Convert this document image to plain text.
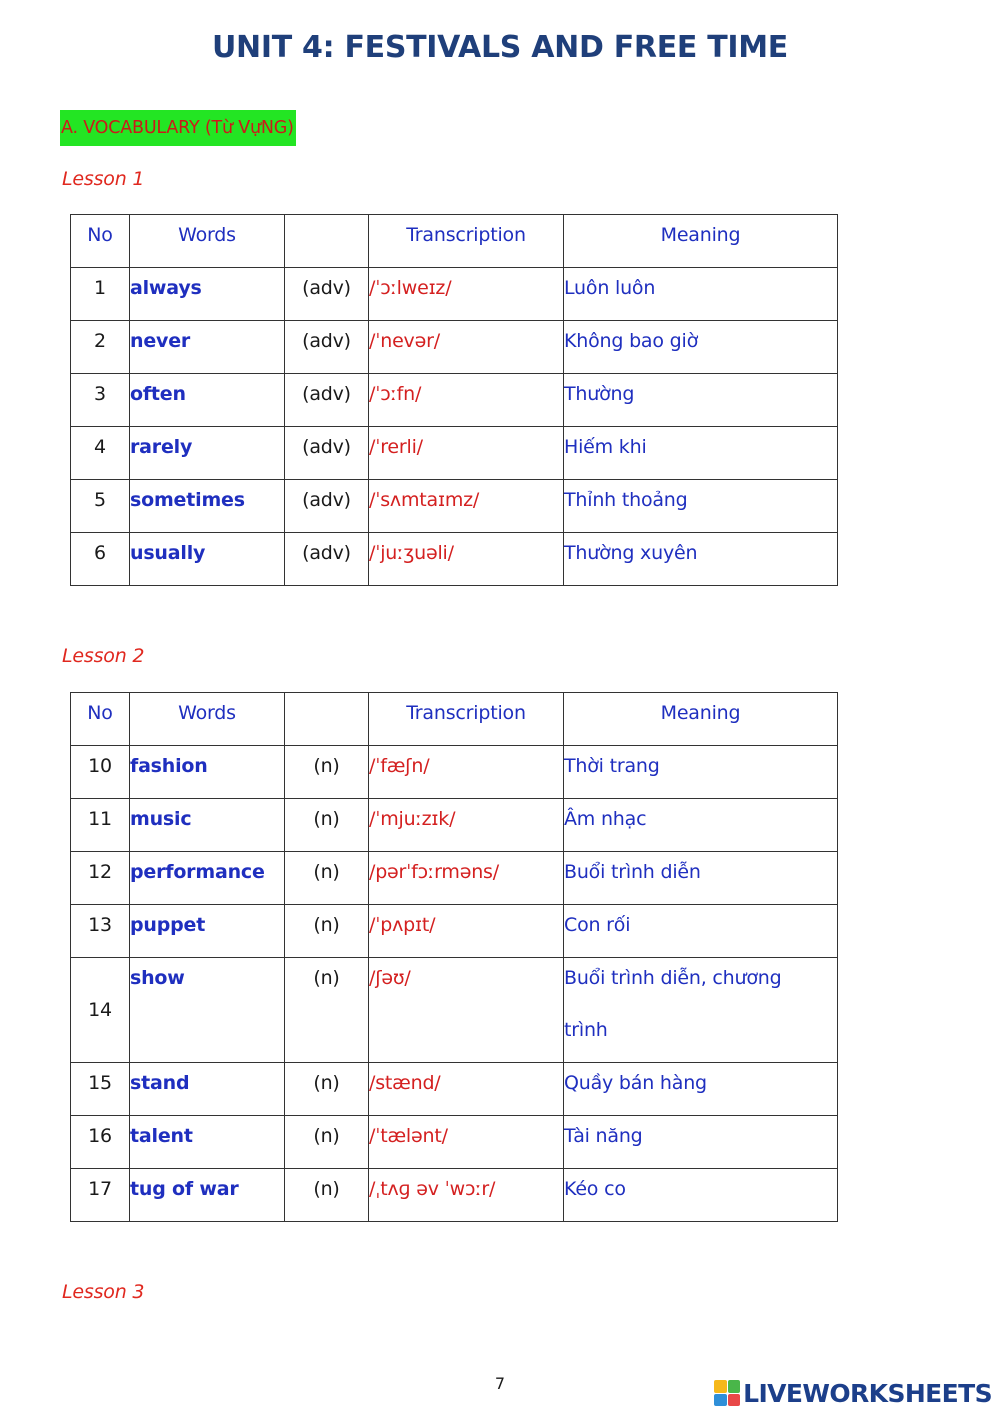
UNIT 4: FESTIVALS AND FREE TIME
A. VOCABULARY (Từ VựNG)
Lesson 1
No	Words		Transcription	Meaning
1	always	(adv)	/ˈɔːlweɪz/	Luôn luôn

2	never	(adv)	/ˈnevər/	Không bao giờ

3	often	(adv)	/ˈɔːfn/	Thường

4	rarely	(adv)	/ˈrerli/	Hiếm khi

5	sometimes	(adv)	/ˈsʌmtaɪmz/	Thỉnh thoảng

6	usually	(adv)	/ˈjuːʒuəli/	Thường xuyên
Lesson 2
No	Words		Transcription	Meaning
10	fashion	(n)	/ˈfæʃn/	Thời trang

11	music	(n)	/ˈmjuːzɪk/	Âm nhạc

12	performance	(n)	/pərˈfɔːrməns/	Buổi trình diễn

13	puppet	(n)	/ˈpʌpɪt/	Con rối

14	show	(n)	/ʃəʊ/	Buổi trình diễn, chương
trình

15	stand	(n)	/stænd/	Quầy bán hàng

16	talent	(n)	/ˈtælənt/	Tài năng

17	tug of war	(n)	/ˌtʌɡ əv ˈwɔːr/	Kéo co
Lesson 3
7	LIVEWORKSHEETS
